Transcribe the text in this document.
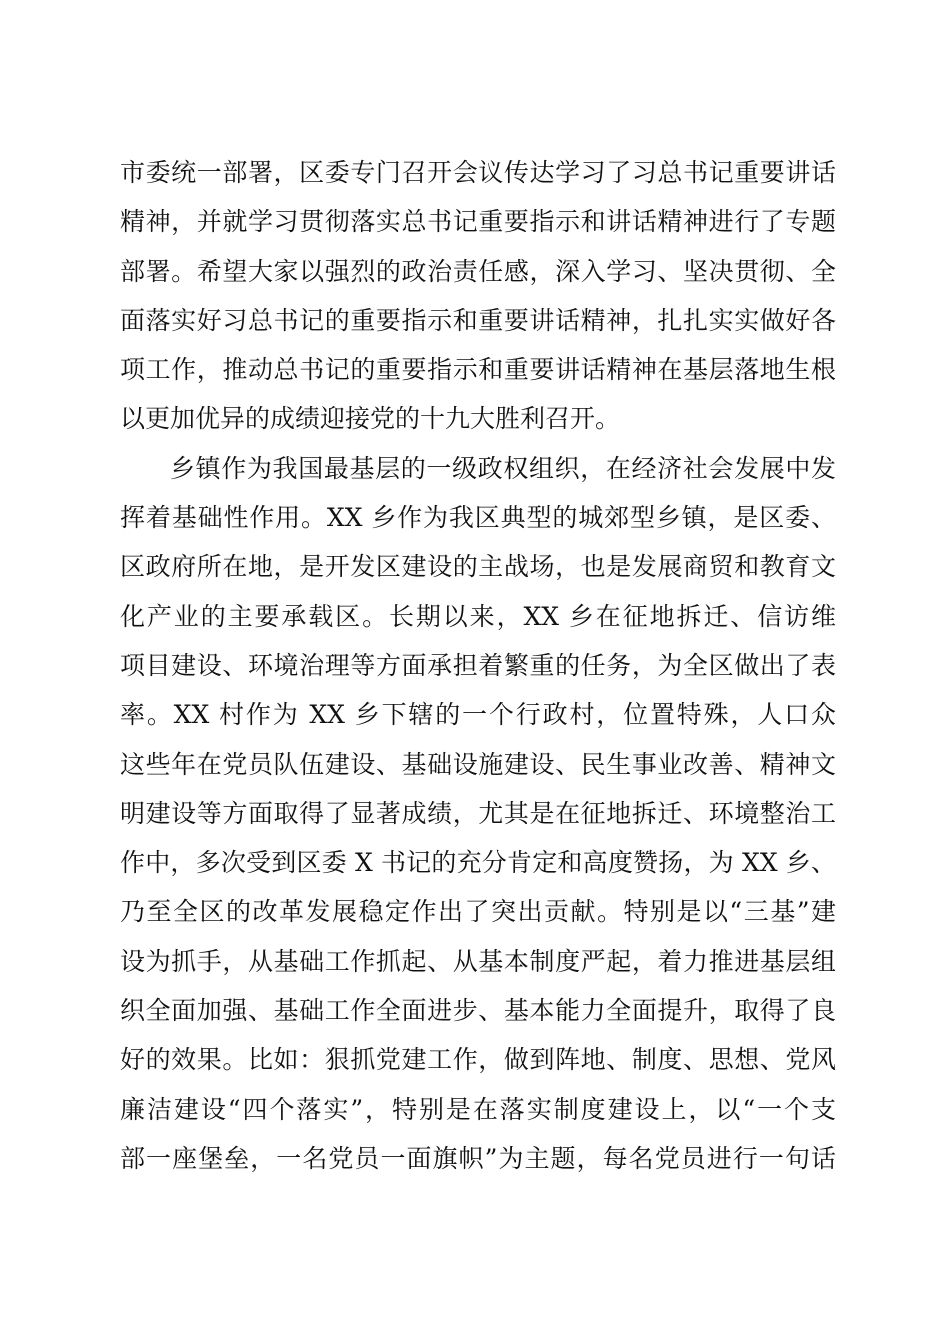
市委统一部署，区委专门召开会议传达学习了习总书记重要讲话
精神，并就学习贯彻落实总书记重要指示和讲话精神进行了专题
部署。希望大家以强烈的政治责任感，深入学习、坚决贯彻、全
面落实好习总书记的重要指示和重要讲话精神，扎扎实实做好各
项工作，推动总书记的重要指示和重要讲话精神在基层落地生根
以更加优异的成绩迎接党的十九大胜利召开。
乡镇作为我国最基层的一级政权组织，在经济社会发展中发
挥着基础性作用。XX 乡作为我区典型的城郊型乡镇，是区委、
区政府所在地，是开发区建设的主战场，也是发展商贸和教育文
化产业的主要承载区。长期以来，XX 乡在征地拆迁、信访维
项目建设、环境治理等方面承担着繁重的任务，为全区做出了表
率。XX 村作为 XX 乡下辖的一个行政村，位置特殊，人口众
这些年在党员队伍建设、基础设施建设、民生事业改善、精神文
明建设等方面取得了显著成绩，尤其是在征地拆迁、环境整治工
作中，多次受到区委 X 书记的充分肯定和高度赞扬，为 XX 乡、
乃至全区的改革发展稳定作出了突出贡献。特别是以“三基”建
设为抓手，从基础工作抓起、从基本制度严起，着力推进基层组
织全面加强、基础工作全面进步、基本能力全面提升，取得了良
好的效果。比如：狠抓党建工作，做到阵地、制度、思想、党风
廉洁建设“四个落实”，特别是在落实制度建设上，以“一个支
部一座堡垒，一名党员一面旗帜”为主题，每名党员进行一句话
